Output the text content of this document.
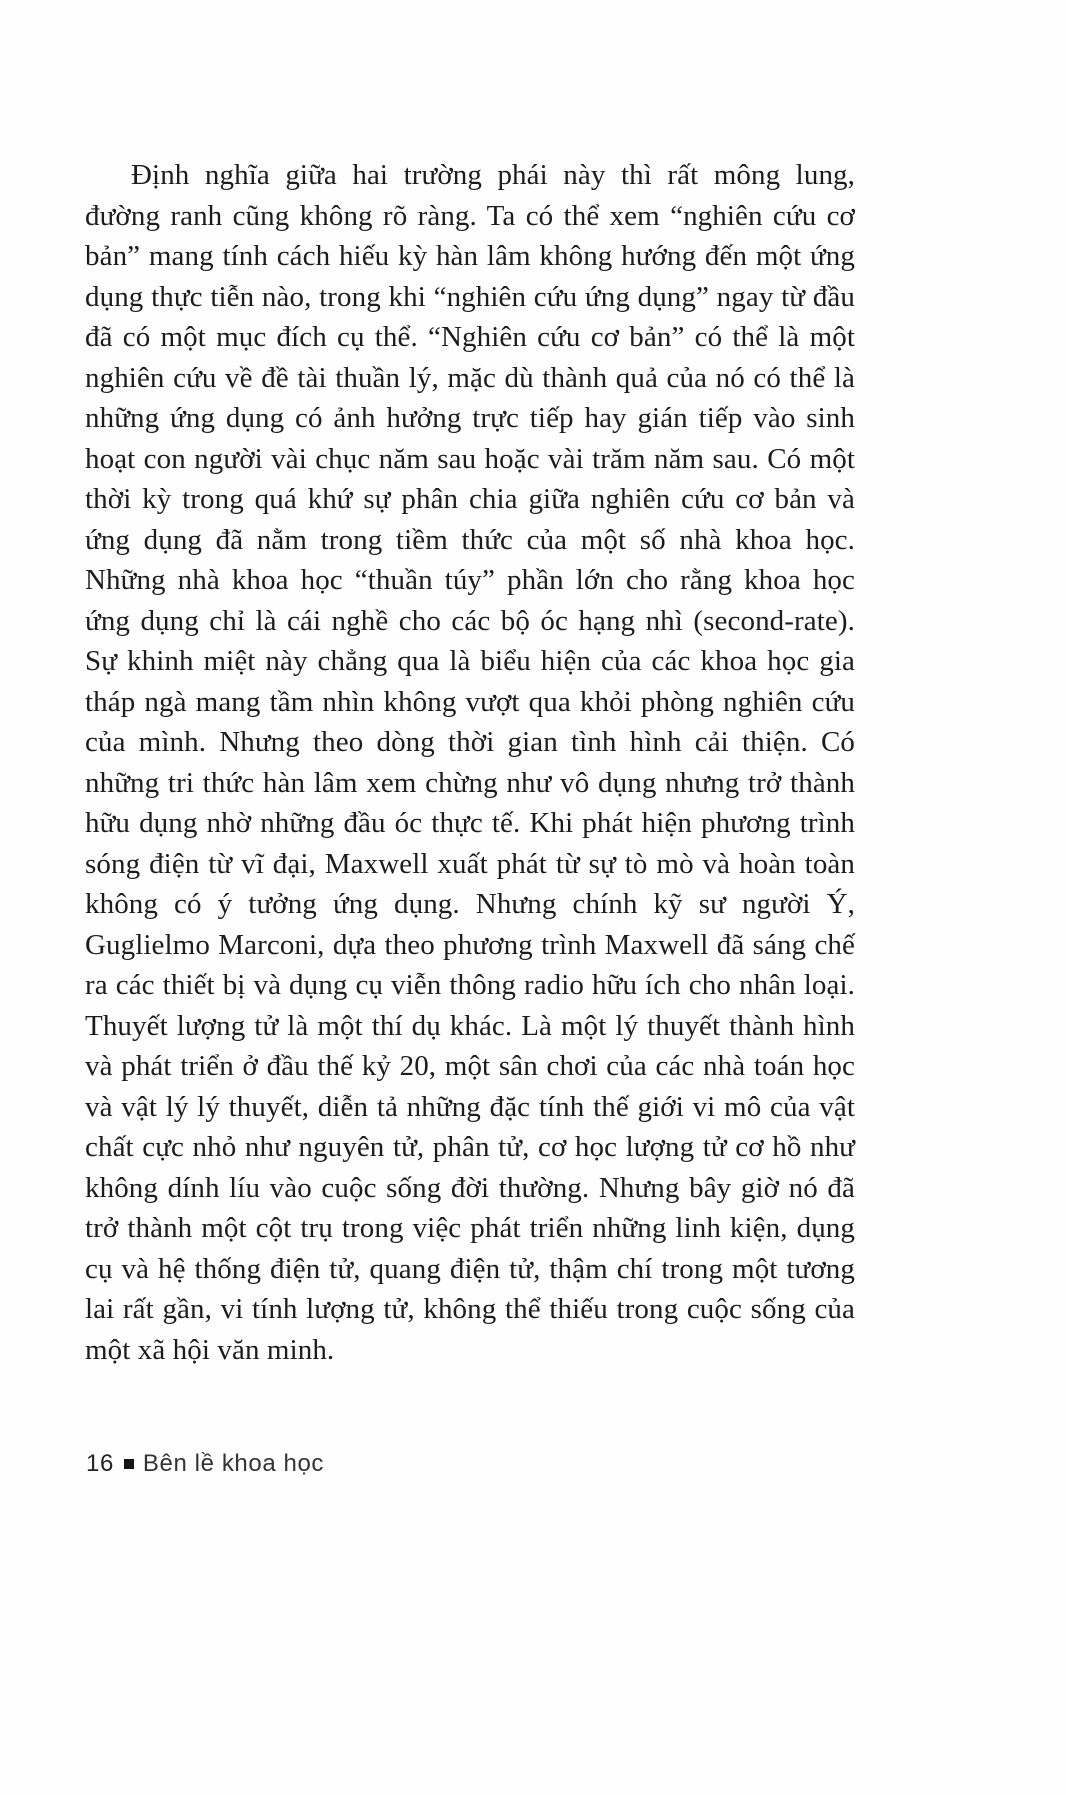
Định nghĩa giữa hai trường phái này thì rất mông lung, đường ranh cũng không rõ ràng. Ta có thể xem “nghiên cứu cơ bản” mang tính cách hiếu kỳ hàn lâm không hướng đến một ứng dụng thực tiễn nào, trong khi “nghiên cứu ứng dụng” ngay từ đầu đã có một mục đích cụ thể. “Nghiên cứu cơ bản” có thể là một nghiên cứu về đề tài thuần lý, mặc dù thành quả của nó có thể là những ứng dụng có ảnh hưởng trực tiếp hay gián tiếp vào sinh hoạt con người vài chục năm sau hoặc vài trăm năm sau. Có một thời kỳ trong quá khứ sự phân chia giữa nghiên cứu cơ bản và ứng dụng đã nằm trong tiềm thức của một số nhà khoa học. Những nhà khoa học “thuần túy” phần lớn cho rằng khoa học ứng dụng chỉ là cái nghề cho các bộ óc hạng nhì (second-rate). Sự khinh miệt này chẳng qua là biểu hiện của các khoa học gia tháp ngà mang tầm nhìn không vượt qua khỏi phòng nghiên cứu của mình. Nhưng theo dòng thời gian tình hình cải thiện. Có những tri thức hàn lâm xem chừng như vô dụng nhưng trở thành hữu dụng nhờ những đầu óc thực tế. Khi phát hiện phương trình sóng điện từ vĩ đại, Maxwell xuất phát từ sự tò mò và hoàn toàn không có ý tưởng ứng dụng. Nhưng chính kỹ sư người Ý, Guglielmo Marconi, dựa theo phương trình Maxwell đã sáng chế ra các thiết bị và dụng cụ viễn thông radio hữu ích cho nhân loại. Thuyết lượng tử là một thí dụ khác. Là một lý thuyết thành hình và phát triển ở đầu thế kỷ 20, một sân chơi của các nhà toán học và vật lý lý thuyết, diễn tả những đặc tính thế giới vi mô của vật chất cực nhỏ như nguyên tử, phân tử, cơ học lượng tử cơ hồ như không dính líu vào cuộc sống đời thường. Nhưng bây giờ nó đã trở thành một cột trụ trong việc phát triển những linh kiện, dụng cụ và hệ thống điện tử, quang điện tử, thậm chí trong một tương lai rất gần, vi tính lượng tử, không thể thiếu trong cuộc sống của một xã hội văn minh.

16 Bên lề khoa học
